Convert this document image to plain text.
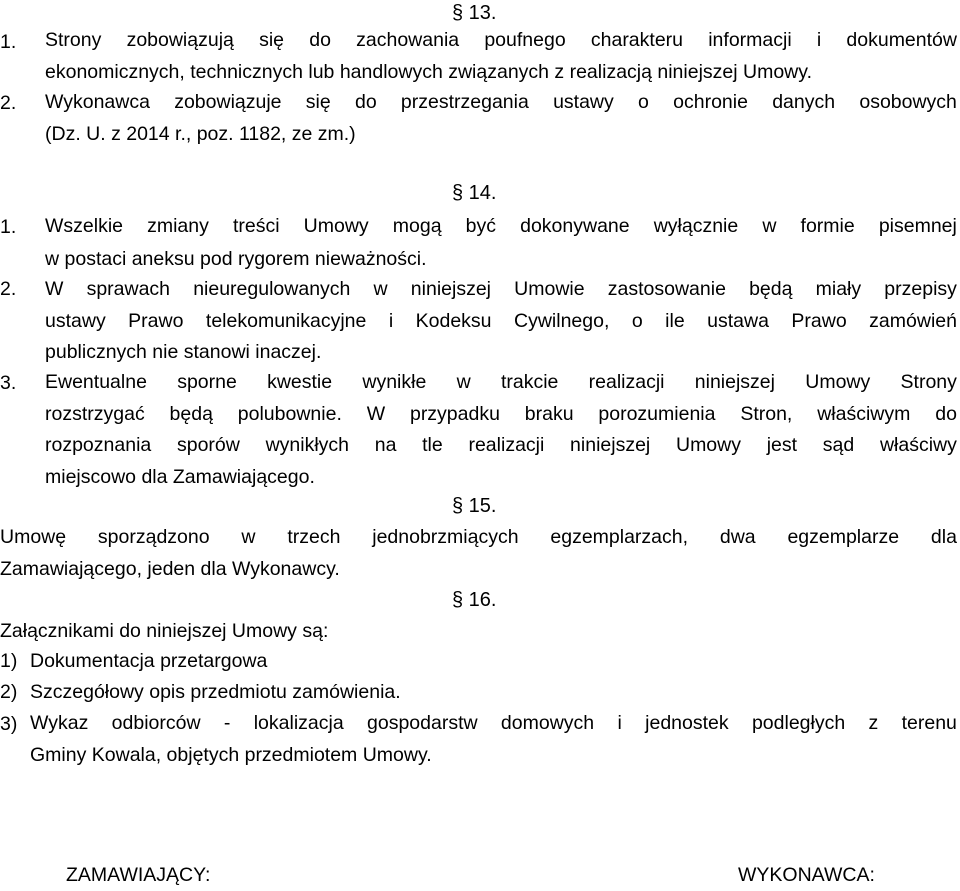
§ 13.
1. Strony zobowiązują się do zachowania poufnego charakteru informacji i dokumentów
ekonomicznych, technicznych lub handlowych związanych z realizacją niniejszej Umowy.
2. Wykonawca zobowiązuje się do przestrzegania ustawy o ochronie danych osobowych
(Dz. U. z 2014 r., poz. 1182, ze zm.)
§ 14.
1. Wszelkie zmiany treści Umowy mogą być dokonywane wyłącznie w formie pisemnej
w postaci aneksu pod rygorem nieważności.
2. W sprawach nieuregulowanych w niniejszej Umowie zastosowanie będą miały przepisy
ustawy Prawo telekomunikacyjne i Kodeksu Cywilnego, o ile ustawa Prawo zamówień
publicznych nie stanowi inaczej.
3. Ewentualne sporne kwestie wynikłe w trakcie realizacji niniejszej Umowy Strony
rozstrzygać będą polubownie. W przypadku braku porozumienia Stron, właściwym do
rozpoznania sporów wynikłych na tle realizacji niniejszej Umowy jest sąd właściwy
miejscowo dla Zamawiającego.
§ 15.
Umowę sporządzono w trzech jednobrzmiących egzemplarzach, dwa egzemplarze dla
Zamawiającego, jeden dla Wykonawcy.
§ 16.
Załącznikami do niniejszej Umowy są:
1) Dokumentacja przetargowa
2) Szczegółowy opis przedmiotu zamówienia.
3) Wykaz odbiorców - lokalizacja gospodarstw domowych i jednostek podległych z terenu
Gminy Kowala, objętych przedmiotem Umowy.
ZAMAWIAJĄCY:	WYKONAWCA:
